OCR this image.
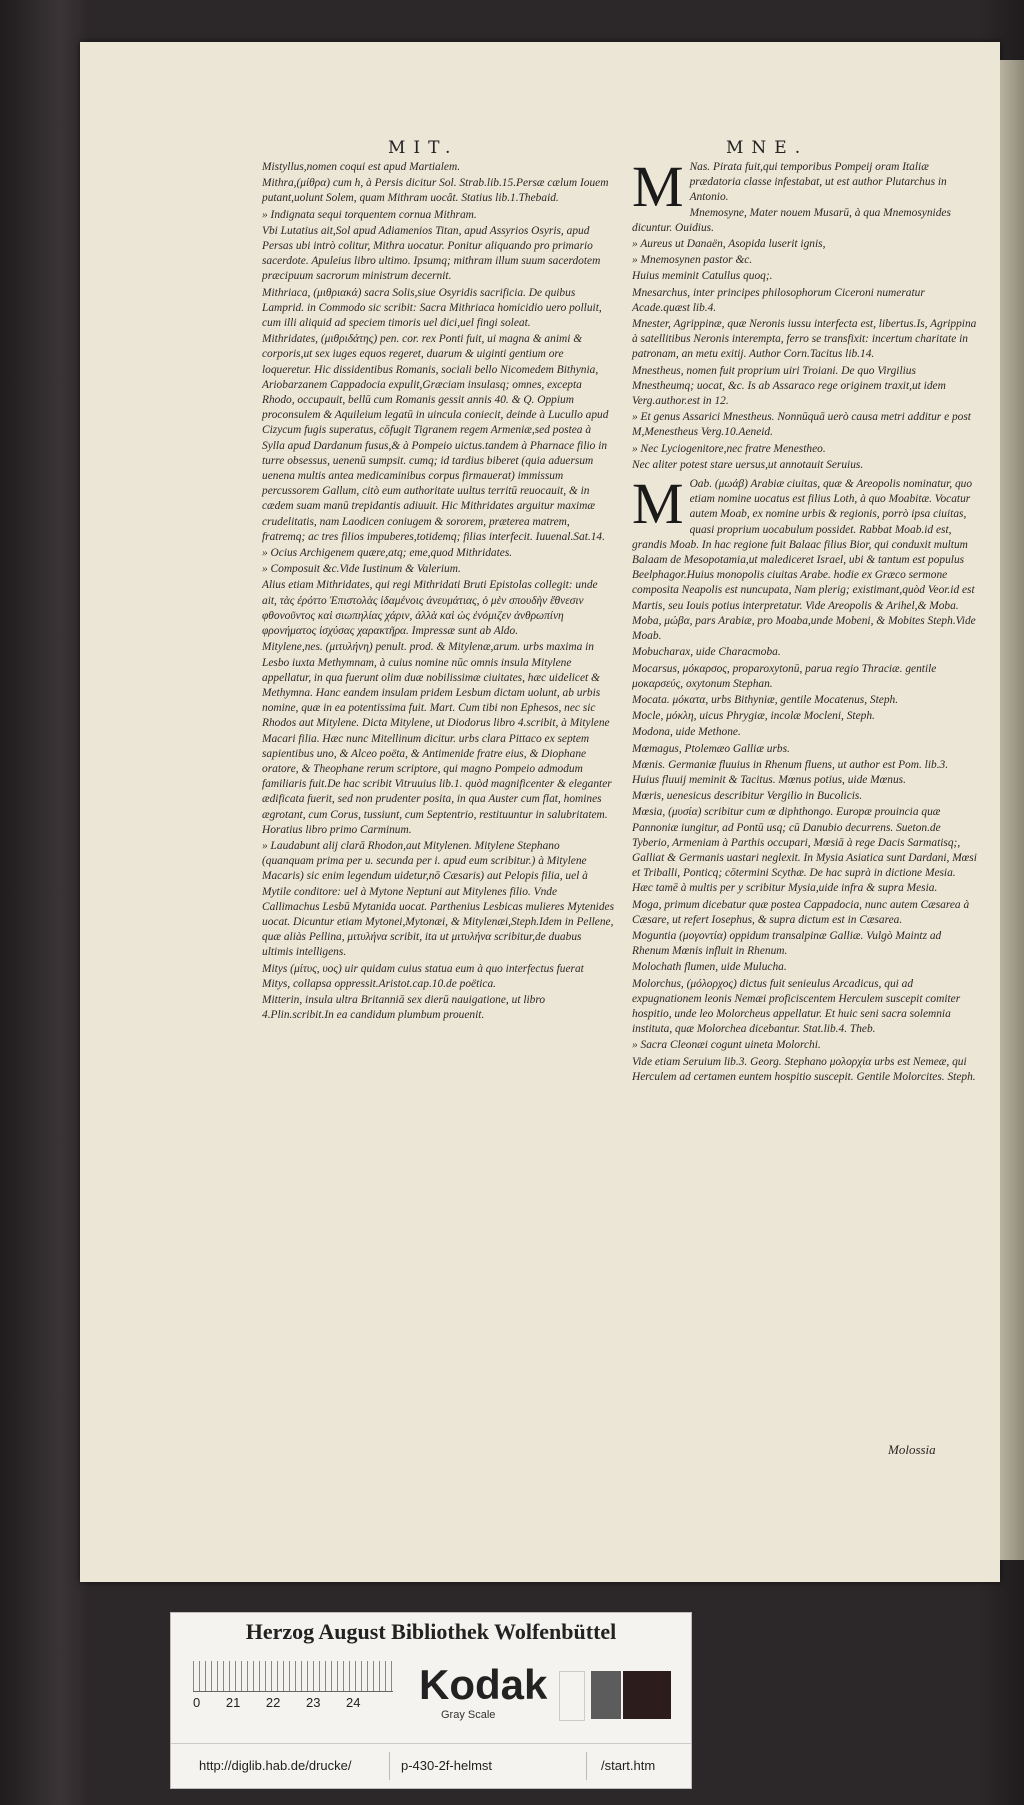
MIT.	MNE.

Mistyllus,nomen coqui est apud Martialem.

Mithra,(μίθρα) cum h, à Persis dicitur Sol. Strab.lib.15.Persæ cælum Iouem putant,uolunt Solem, quam Mithram uocât. Statius lib.1.Thebaid.

» Indignata sequi torquentem cornua Mithram.

Vbi Lutatius ait,Sol apud Adiamenios Titan, apud Assyrios Osyris, apud Persas ubi intrò colitur, Mithra uocatur. Ponitur aliquando pro primario sacerdote. Apuleius libro ultimo. Ipsumq; mithram illum suum sacerdotem præcipuum sacrorum ministrum decernit.

Mithriaca, (μιθριακά) sacra Solis,siue Osyridis sacrificia. De quibus Lamprid. in Commodo sic scribit: Sacra Mithriaca homicidio uero polluit, cum illi aliquid ad speciem timoris uel dici,uel fingi soleat.

Mithridates, (μιθριδάτης) pen. cor. rex Ponti fuit, ui magna & animi & corporis,ut sex iuges equos regeret, duarum & uiginti gentium ore loqueretur. Hic dissidentibus Romanis, sociali bello Nicomedem Bithynia, Ariobarzanem Cappadocia expulit,Græciam insulasq; omnes, excepta Rhodo, occupauit, bellū cum Romanis gessit annis 40. & Q. Oppium proconsulem & Aquileium legatū in uincula coniecit, deinde à Lucullo apud Cizycum fugis superatus, cōfugit Tigranem regem Armeniæ,sed postea à Sylla apud Dardanum fusus,& à Pompeio uictus.tandem à Pharnace filio in turre obsessus, uenenū sumpsit. cumq; id tardius biberet (quia aduersum uenena multis antea medicaminibus corpus firmauerat) immissum percussorem Gallum, citò eum authoritate uultus territū reuocauit, & in cædem suam manū trepidantis adiuuit. Hic Mithridates arguitur maximæ crudelitatis, nam Laodicen coniugem & sororem, præterea matrem, fratremq; ac tres filios impuberes,totidemq; filias interfecit. Iuuenal.Sat.14.

» Ocius Archigenem quære,atq; eme,quod Mithridates.

» Composuit &c.Vide Iustinum & Valerium.

Alius etiam Mithridates, qui regi Mithridati Bruti Epistolas collegit: unde ait, τὰς ἐρόττο Ἐπιστολὰς ἰδαμένοις ἀνευμάτιας, ὁ μὲν σπουδὴν ἔθνεσιν φθονοῦντος καὶ σιωπηλίας χάριν, ἀλλὰ καὶ ὡς ἐνόμιζεν ἀνθρωπίνη φρονήματος ἰσχύσας χαρακτῆρα. Impressæ sunt ab Aldo.

Mitylene,nes. (μιτυλήνη) penult. prod. & Mitylenæ,arum. urbs maxima in Lesbo iuxta Methymnam, à cuius nomine nūc omnis insula Mitylene appellatur, in qua fuerunt olim duæ nobilissimæ ciuitates, hæc uidelicet & Methymna. Hanc eandem insulam pridem Lesbum dictam uolunt, ab urbis nomine, quæ in ea potentissima fuit. Mart. Cum tibi non Ephesos, nec sic Rhodos aut Mitylene. Dicta Mitylene, ut Diodorus libro 4.scribit, à Mitylene Macari filia. Hæc nunc Mitellinum dicitur. urbs clara Pittaco ex septem sapientibus uno, & Alceo poëta, & Antimenide fratre eius, & Diophane oratore, & Theophane rerum scriptore, qui magno Pompeio admodum familiaris fuit.De hac scribit Vitruuius lib.1. quòd magnificenter & eleganter ædificata fuerit, sed non prudenter posita, in qua Auster cum flat, homines ægrotant, cum Corus, tussiunt, cum Septentrio, restituuntur in salubritatem. Horatius libro primo Carminum.

» Laudabunt alij clarā Rhodon,aut Mitylenen. Mitylene Stephano (quanquam prima per u. secunda per i. apud eum scribitur.) à Mitylene Macaris) sic enim legendum uidetur,nō Cæsaris) aut Pelopis filia, uel à Mytile conditore: uel à Mytone Neptuni aut Mitylenes filio. Vnde Callimachus Lesbū Mytanida uocat. Parthenius Lesbicas mulieres Mytenides uocat. Dicuntur etiam Mytonei,Mytonæi, & Mitylenæi,Steph.Idem in Pellene, quæ aliàs Pellina, μιτυλήνα scribit, ita ut μιτυλήνα scribitur,de duabus ultimis intelligens.

Mitys (μίτυς, υος) uir quidam cuius statua eum à quo interfectus fuerat Mitys, collapsa oppressit.Aristot.cap.10.de poëtica.

Mitterin, insula ultra Britanniā sex dierū nauigatione, ut libro 4.Plin.scribit.In ea candidum plumbum prouenit.

M Nas. Pirata fuit,qui temporibus Pompeij oram Italiæ prædatoria classe infestabat, ut est author Plutarchus in Antonio.

Mnemosyne, Mater nouem Musarū, à qua Mnemosynides dicuntur. Ouidius.

» Aureus ut Danaën, Asopida luserit ignis,

» Mnemosynen pastor &c.

Huius meminit Catullus quoq;.

Mnesarchus, inter principes philosophorum Ciceroni numeratur Acade.quæst lib.4.

Mnester, Agrippinæ, quæ Neronis iussu interfecta est, libertus.Is, Agrippina à satellitibus Neronis interempta, ferro se transfixit: incertum charitate in patronam, an metu exitij. Author Corn.Tacitus lib.14.

Mnestheus, nomen fuit proprium uiri Troiani. De quo Virgilius Mnestheumq; uocat, &c. Is ab Assaraco rege originem traxit,ut idem Verg.author.est in 12.

» Et genus Assarici Mnestheus. Nonnūquā uerò causa metri additur e post M,Menestheus Verg.10.Aeneid.

» Nec Lyciogenitore,nec fratre Menestheo.

Nec aliter potest stare uersus,ut annotauit Seruius.

M Oab. (μωάβ) Arabiæ ciuitas, quæ & Areopolis nominatur, quo etiam nomine uocatus est filius Loth, à quo Moabitæ. Vocatur autem Moab, ex nomine urbis & regionis, porrò ipsa ciuitas, quasi proprium uocabulum possidet. Rabbat Moab.id est, grandis Moab. In hac regione fuit Balaac filius Bior, qui conduxit multum Balaam de Mesopotamia,ut malediceret Israel, ubi & tantum est populus Beelphagor.Huius monopolis ciuitas Arabe. hodie ex Græco sermone composita Neapolis est nuncupata, Nam plerig; existimant,quòd Veor.id est Martis, seu Iouis potius interpretatur. Vide Areopolis & Arihel,& Moba.

Moba, μώβα, pars Arabiæ, pro Moaba,unde Mobeni, & Mobites Steph.Vide Moab.

Mobucharax, uide Characmoba.

Mocarsus, μόκαρσος, proparoxytonū, parua regio Thraciæ. gentile μοκαρσεύς, oxytonum Stephan.

Mocata. μόκατα, urbs Bithyniæ, gentile Mocatenus, Steph.

Mocle, μόκλη, uicus Phrygiæ, incolæ Mocleni, Steph.

Modona, uide Methone.

Mœmagus, Ptolemæo Galliæ urbs.

Mœnis. Germaniæ fluuius in Rhenum fluens, ut author est Pom. lib.3. Huius fluuij meminit & Tacitus. Mœnus potius, uide Mœnus.

Mœris, uenesicus describitur Vergilio in Bucolicis.

Mœsia, (μυσία) scribitur cum œ diphthongo. Europæ prouincia quæ Pannoniæ iungitur, ad Pontū usq; cū Danubio decurrens. Sueton.de Tyberio, Armeniam à Parthis occupari, Mœsiā à rege Dacis Sarmatisq;, Galliat & Germanis uastari neglexit. In Mysia Asiatica sunt Dardani, Mœsi et Triballi, Ponticq; cōtermini Scythæ. De hac suprà in dictione Mesia. Hæc tamē à multis per y scribitur Mysia,uide infra & supra Mesia.

Moga, primum dicebatur quæ postea Cappadocia, nunc autem Cæsarea à Cæsare, ut refert Iosephus, & supra dictum est in Cæsarea.

Moguntia (μογοντία) oppidum transalpinæ Galliæ. Vulgò Maintz ad Rhenum Mœnis influit in Rhenum.

Molochath flumen, uide Mulucha.

Molorchus, (μόλορχος) dictus fuit senieulus Arcadicus, qui ad expugnationem leonis Nemæi proficiscentem Herculem suscepit comiter hospitio, unde leo Molorcheus appellatur. Et huic seni sacra solemnia instituta, quæ Molorchea dicebantur. Stat.lib.4. Theb.

» Sacra Cleonæi cogunt uineta Molorchi.

Vide etiam Seruium lib.3. Georg. Stephano μολορχία urbs est Nemeæ, qui Herculem ad certamen euntem hospitio suscepit. Gentile Molorcites. Steph.

Molossia
Herzog August Bibliothek Wolfenbüttel
0 21 22 23 24 Kodak
Gray Scale
http://diglib.hab.de/drucke/	p-430-2f-helmst	/start.htm
